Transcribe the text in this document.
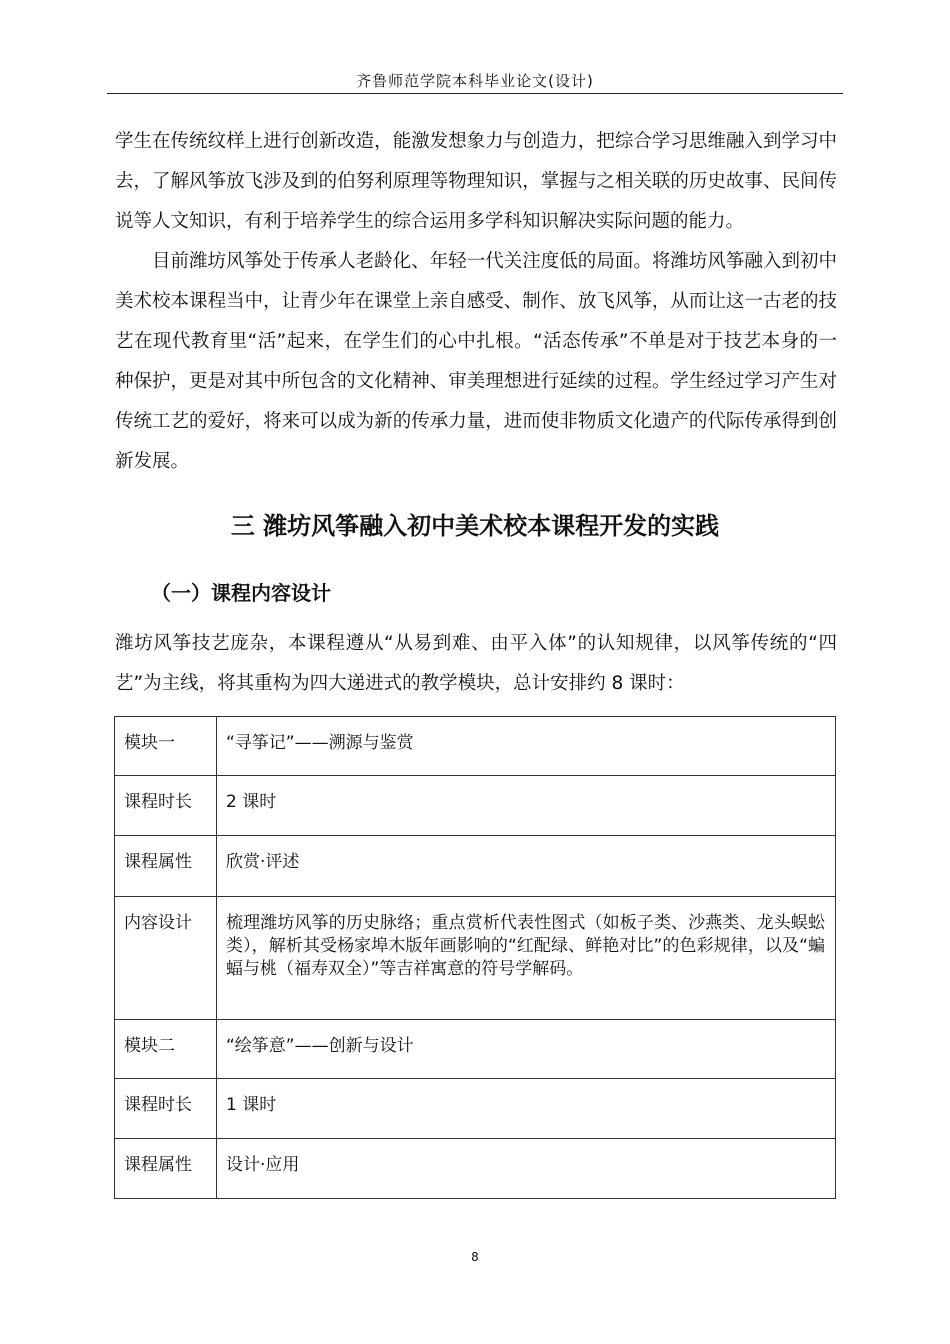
齐鲁师范学院本科毕业论文(设计)

学生在传统纹样上进行创新改造，能激发想象力与创造力，把综合学习思维融入到学习中去，了解风筝放飞涉及到的伯努利原理等物理知识，掌握与之相关联的历史故事、民间传说等人文知识，有利于培养学生的综合运用多学科知识解决实际问题的能力。

目前潍坊风筝处于传承人老龄化、年轻一代关注度低的局面。将潍坊风筝融入到初中美术校本课程当中，让青少年在课堂上亲自感受、制作、放飞风筝，从而让这一古老的技艺在现代教育里“活”起来，在学生们的心中扎根。“活态传承”不单是对于技艺本身的一种保护，更是对其中所包含的文化精神、审美理想进行延续的过程。学生经过学习产生对传统工艺的爱好，将来可以成为新的传承力量，进而使非物质文化遗产的代际传承得到创新发展。

三 潍坊风筝融入初中美术校本课程开发的实践
（一）课程内容设计

潍坊风筝技艺庞杂，本课程遵从“从易到难、由平入体”的认知规律，以风筝传统的“四艺”为主线，将其重构为四大递进式的教学模块，总计安排约 8 课时：

模块一	“寻筝记”——溯源与鉴赏
课程时长	2 课时
课程属性	欣赏·评述
内容设计	梳理潍坊风筝的历史脉络；重点赏析代表性图式（如板子类、沙燕类、龙头蜈蚣类），解析其受杨家埠木版年画影响的“红配绿、鲜艳对比”的色彩规律，以及“蝙蝠与桃（福寿双全）”等吉祥寓意的符号学解码。
模块二	“绘筝意”——创新与设计
课程时长	1 课时
课程属性	设计·应用
8
